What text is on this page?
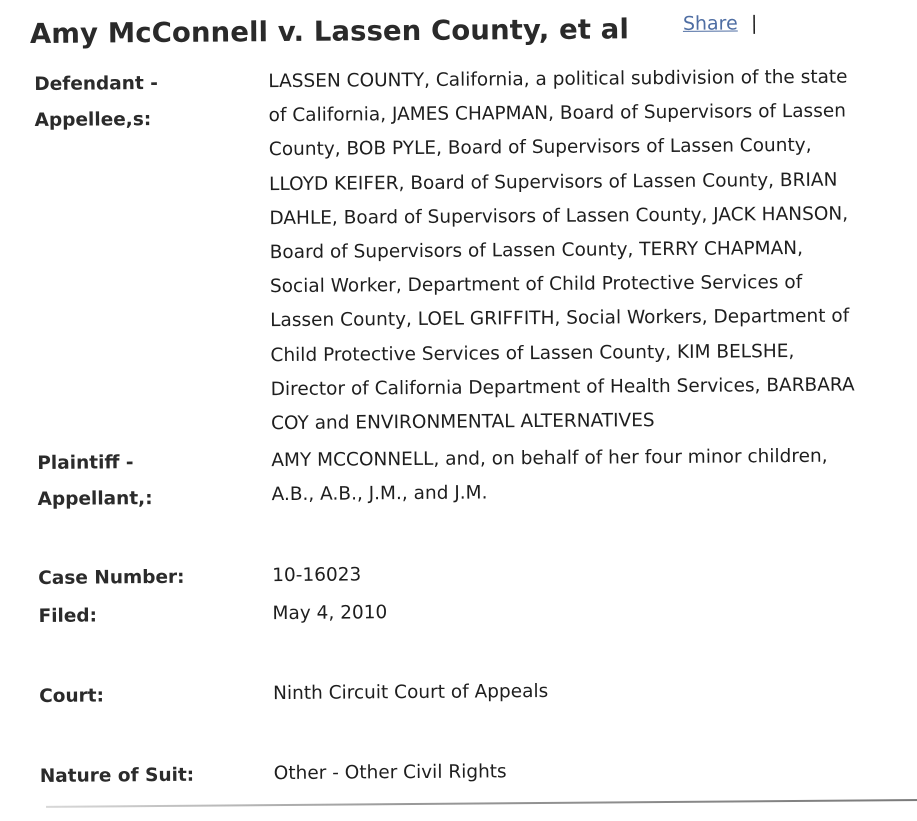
Amy McConnell v. Lassen County, et al	Share |
Defendant -
Appellee,s:
LASSEN COUNTY, California, a political subdivision of the state
of California, JAMES CHAPMAN, Board of Supervisors of Lassen
County, BOB PYLE, Board of Supervisors of Lassen County,
LLOYD KEIFER, Board of Supervisors of Lassen County, BRIAN
DAHLE, Board of Supervisors of Lassen County, JACK HANSON,
Board of Supervisors of Lassen County, TERRY CHAPMAN,
Social Worker, Department of Child Protective Services of
Lassen County, LOEL GRIFFITH, Social Workers, Department of
Child Protective Services of Lassen County, KIM BELSHE,
Director of California Department of Health Services, BARBARA
COY and ENVIRONMENTAL ALTERNATIVES
Plaintiff -
Appellant,:
AMY MCCONNELL, and, on behalf of her four minor children,
A.B., A.B., J.M., and J.M.
Case Number:	10-16023
Filed:	May 4, 2010
Court:	Ninth Circuit Court of Appeals
Nature of Suit:	Other - Other Civil Rights
